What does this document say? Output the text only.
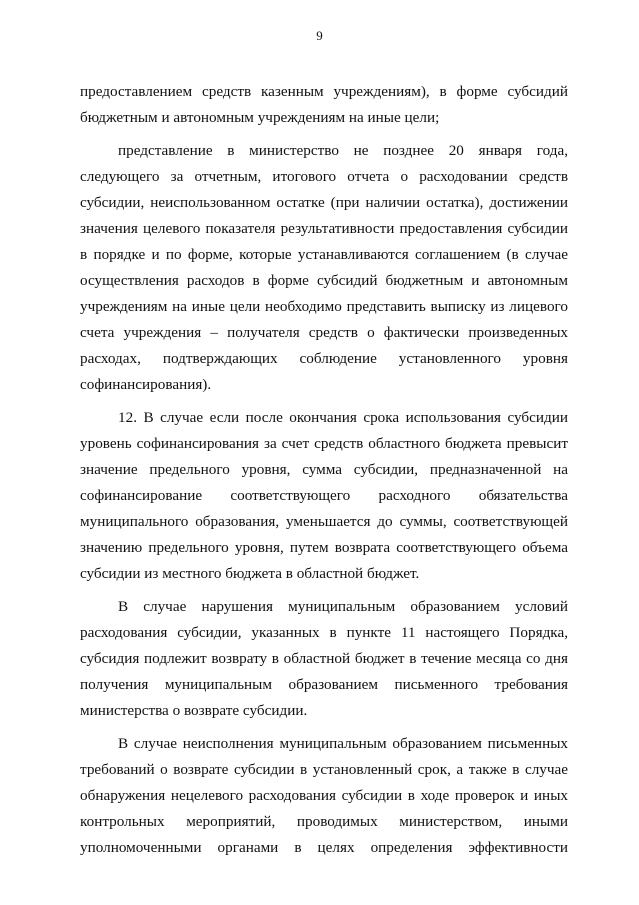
9
предоставлением средств казенным учреждениям), в форме субсидий
бюджетным и автономным учреждениям на иные цели;
представление в министерство не позднее 20 января года,
следующего за отчетным, итогового отчета о расходовании средств
субсидии, неиспользованном остатке (при наличии остатка), достижении
значения целевого показателя результативности предоставления субсидии
в порядке и по форме, которые устанавливаются соглашением (в случае
осуществления расходов в форме субсидий бюджетным и автономным
учреждениям на иные цели необходимо представить выписку из лицевого
счета учреждения – получателя средств о фактически произведенных
расходах, подтверждающих соблюдение установленного уровня
софинансирования).
12. В случае если после окончания срока использования субсидии
уровень софинансирования за счет средств областного бюджета превысит
значение предельного уровня, сумма субсидии, предназначенной на
софинансирование соответствующего расходного обязательства
муниципального образования, уменьшается до суммы, соответствующей
значению предельного уровня, путем возврата соответствующего объема
субсидии из местного бюджета в областной бюджет.
В случае нарушения муниципальным образованием условий
расходования субсидии, указанных в пункте 11 настоящего Порядка,
субсидия подлежит возврату в областной бюджет в течение месяца со дня
получения муниципальным образованием письменного требования
министерства о возврате субсидии.
В случае неисполнения муниципальным образованием письменных
требований о возврате субсидии в установленный срок, а также в случае
обнаружения нецелевого расходования субсидии в ходе проверок и иных
контрольных мероприятий, проводимых министерством, иными
уполномоченными органами в целях определения эффективности
